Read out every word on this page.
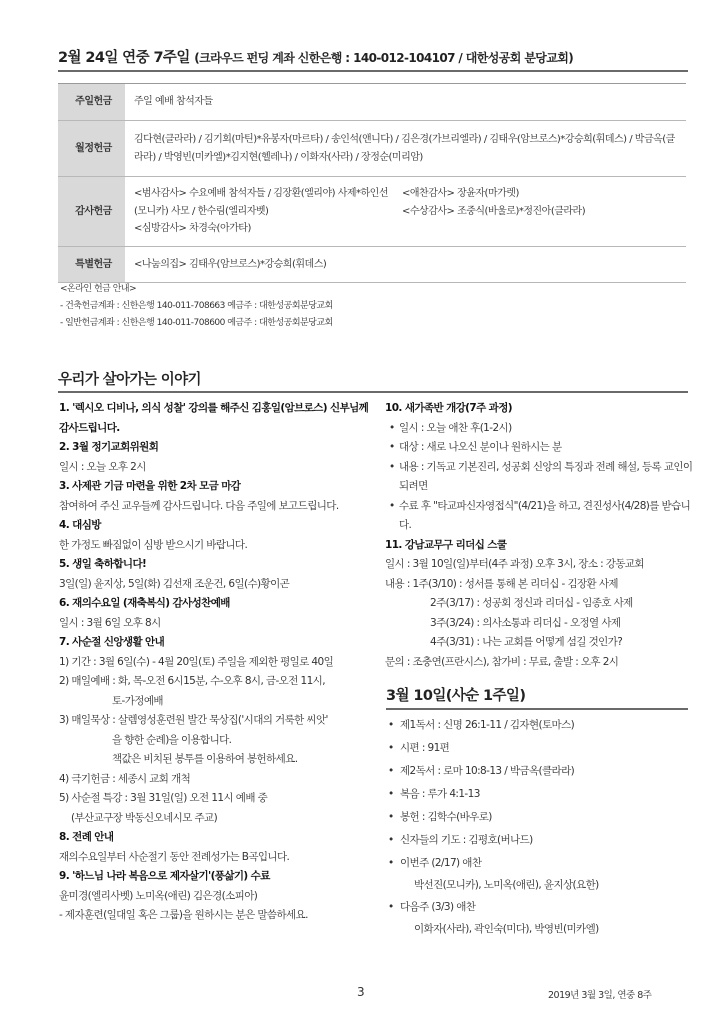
2월 24일 연중 7주일 (크라우드 펀딩 계좌 신한은행 : 140-012-104107 / 대한성공회 분당교회)
주일헌금	주일 예배 참석자들
월정헌금	김다현(클라라) / 김기회(마틴)*유봉자(마르타) / 송인석(앤니다) / 김은경(가브리엘라) / 김태우(암브로스)*강승희(휘데스) / 박금옥(클라라) / 박영빈(미카엘)*김지현(헬레나) / 이화자(사라) / 장정순(미리암)
감사헌금	<범사감사> 수요예배 참석자들 / 김장환(엘리야) 사제*하인선(모니카) 사모 / 한수림(엘리자벳)
<심방감사> 차경숙(아가타)
<애찬감사> 장윤자(마가렛)
<수상감사> 조중식(바울로)*정진아(클라라)

특별헌금	<나눔의집> 김태우(암브로스)*강승희(휘데스)
<온라인 헌금 안내>
- 건축헌금계좌 : 신한은행 140-011-708663 예금주 : 대한성공회분당교회
- 일반헌금계좌 : 신한은행 140-011-708600 예금주 : 대한성공회분당교회
우리가 살아가는 이야기
1. '렉시오 디비나, 의식 성찰' 강의를 해주신 김홍일(암브로스) 신부님께 감사드립니다.
2. 3월 정기교회위원회
일시 : 오늘 오후 2시
3. 사제관 기금 마련을 위한 2차 모금 마감
참여하여 주신 교우들께 감사드립니다. 다음 주일에 보고드립니다.
4. 대심방
한 가정도 빠짐없이 심방 받으시기 바랍니다.
5. 생일 축하합니다!
3일(일) 윤지상, 5일(화) 김선재 조운건, 6일(수)황이곤
6. 재의수요일 (재축복식) 감사성찬예배
일시 : 3월 6일 오후 8시
7. 사순절 신앙생활 안내
1) 기간 : 3월 6일(수) - 4월 20일(토) 주일을 제외한 평일로 40일
2) 매일예배 : 화, 목-오전 6시15분, 수-오후 8시, 금-오전 11시,
토-가정예배
3) 매일묵상 : 살렘영성훈련원 발간 묵상집('시대의 거룩한 씨앗'
을 향한 순례)을 이용합니다.
책값은 비치된 봉투를 이용하여 봉헌하세요.
4) 극기헌금 : 세종시 교회 개척
5) 사순절 특강 : 3월 31일(일) 오전 11시 예배 중
(부산교구장 박동신오네시모 주교)
8. 전례 안내
재의수요일부터 사순절기 동안 전례성가는 B곡입니다.
9. '하느님 나라 복음으로 제자살기'(풍삶기) 수료
윤미경(엘리사벳) 노미옥(애린) 김은경(소피아)
- 제자훈련(일대일 혹은 그룹)을 원하시는 분은 말씀하세요.
10. 새가족반 개강(7주 과정)
• 일시 : 오늘 애찬 후(1-2시)
• 대상 : 새로 나오신 분이나 원하시는 분
• 내용 : 기독교 기본진리, 성공회 신앙의 특징과 전례 해설, 등록 교인이 되려면
• 수료 후 "타교파신자영접식"(4/21)을 하고, 견진성사(4/28)를 받습니다.
11. 강남교무구 리더십 스쿨
일시 : 3월 10일(일)부터(4주 과정) 오후 3시, 장소 : 강동교회
내용 : 1주(3/10) : 성서를 통해 본 리더십 - 김장환 사제
2주(3/17) : 성공회 정신과 리더십 - 임종호 사제
3주(3/24) : 의사소통과 리더십 - 오정열 사제
4주(3/31) : 나는 교회를 어떻게 섬길 것인가?
문의 : 조충연(프란시스), 참가비 : 무료, 출발 : 오후 2시
3월 10일(사순 1주일)
• 제1독서 : 신명 26:1-11 / 김자현(토마스)
• 시편 : 91편
• 제2독서 : 로마 10:8-13 / 박금옥(클라라)
• 복음 : 루가 4:1-13
• 봉헌 : 김학수(바우로)
• 신자들의 기도 : 김평호(버나드)
• 이번주 (2/17) 애찬
박선진(모니카), 노미옥(애린), 윤지상(요한)
• 다음주 (3/3) 애찬
이화자(사라), 곽인숙(미다), 박영빈(미카엘)
3	2019년 3월 3일, 연중 8주
